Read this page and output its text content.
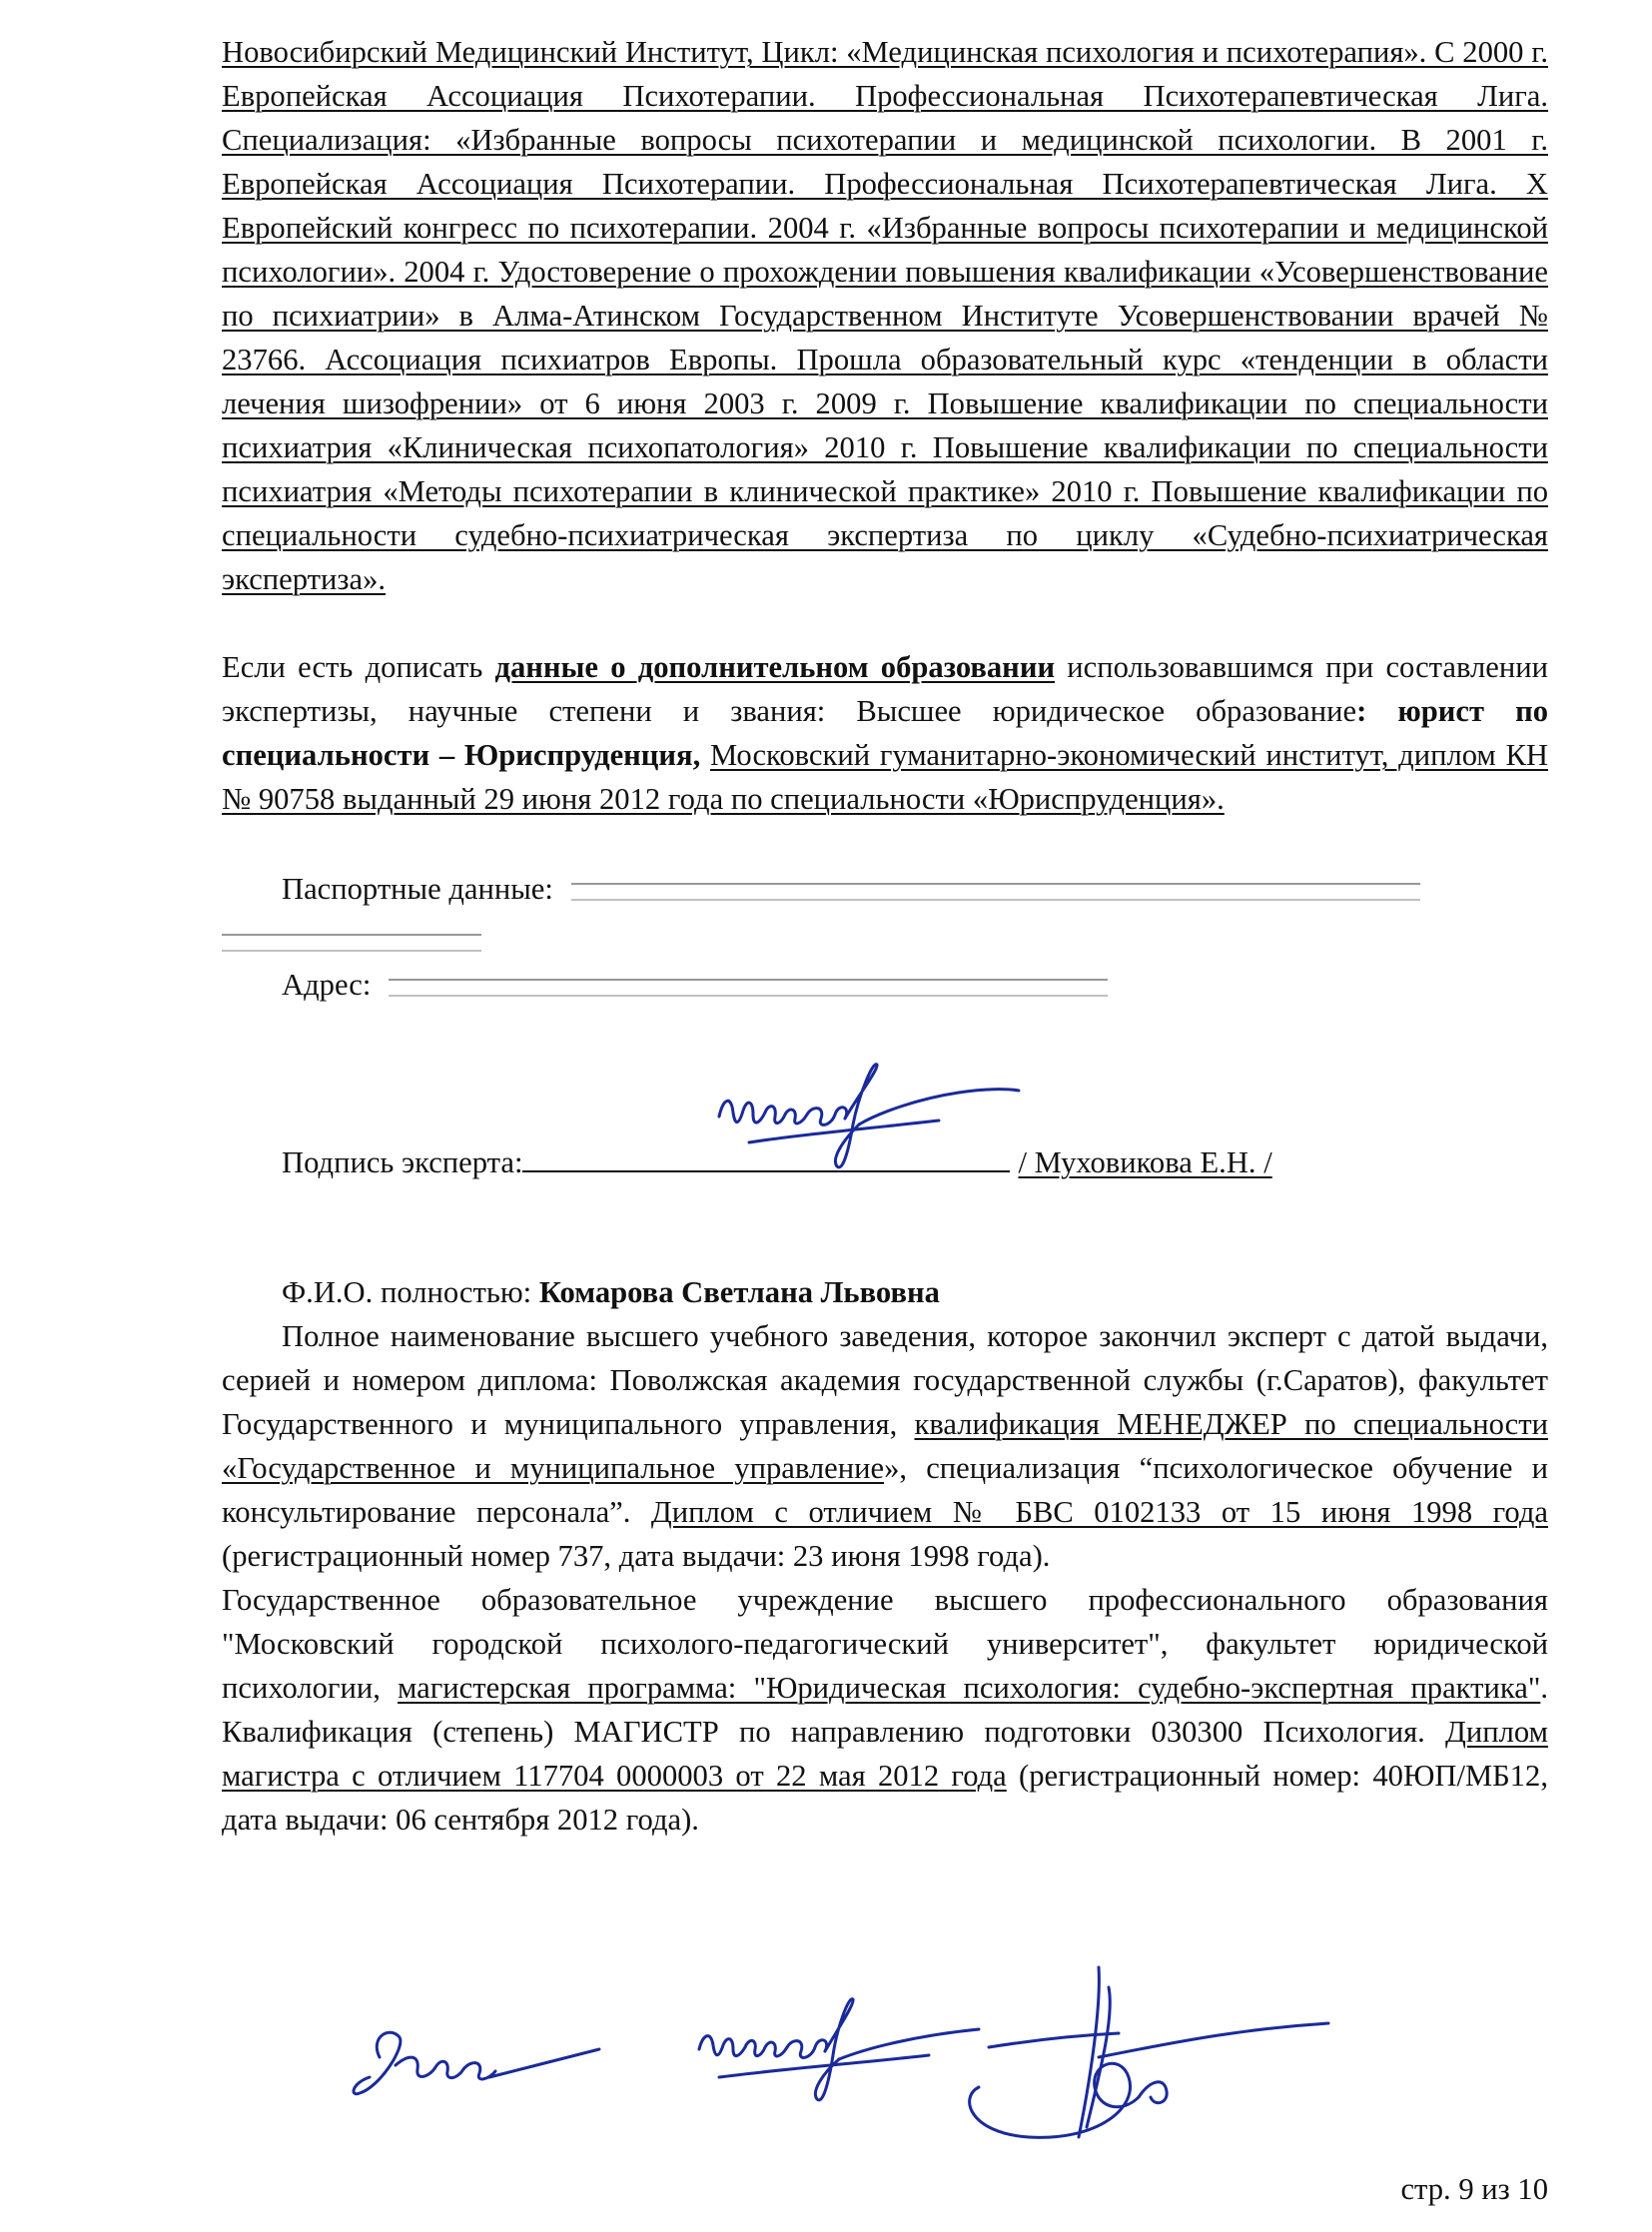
Новосибирский Медицинский Институт, Цикл: «Медицинская психология и психотерапия». С 2000 г. Европейская Ассоциация Психотерапии. Профессиональная Психотерапевтическая Лига. Специализация: «Избранные вопросы психотерапии и медицинской психологии. В 2001 г. Европейская Ассоциация Психотерапии. Профессиональная Психотерапевтическая Лига. X Европейский конгресс по психотерапии. 2004 г. «Избранные вопросы психотерапии и медицинской психологии». 2004 г. Удостоверение о прохождении повышения квалификации «Усовершенствование по психиатрии» в Алма-Атинском Государственном Институте Усовершенствовании врачей № 23766. Ассоциация психиатров Европы. Прошла образовательный курс «тенденции в области лечения шизофрении» от 6 июня 2003 г. 2009 г. Повышение квалификации по специальности психиатрия «Клиническая психопатология» 2010 г. Повышение квалификации по специальности психиатрия «Методы психотерапии в клинической практике» 2010 г. Повышение квалификации по специальности судебно-психиатрическая экспертиза по циклу «Судебно-психиатрическая экспертиза».

Если есть дописать данные о дополнительном образовании использовавшимся при составлении экспертизы, научные степени и звания: Высшее юридическое образование: юрист по специальности – Юриспруденция, Московский гуманитарно-экономический институт, диплом КН № 90758 выданный 29 июня 2012 года по специальности «Юриспруденция».

Паспортные данные:
Адрес:
Подпись эксперта:	/ Муховикова Е.Н. /

Ф.И.О. полностью: Комарова Светлана Львовна

Полное наименование высшего учебного заведения, которое закончил эксперт с датой выдачи, серией и номером диплома: Поволжская академия государственной службы (г.Саратов), факультет Государственного и муниципального управления, квалификация МЕНЕДЖЕР по специальности «Государственное и муниципальное управление», специализация “психологическое обучение и консультирование персонала”. Диплом с отличием № БВС 0102133 от 15 июня 1998 года (регистрационный номер 737, дата выдачи: 23 июня 1998 года).

Государственное образовательное учреждение высшего профессионального образования "Московский городской психолого-педагогический университет", факультет юридической психологии, магистерская программа: "Юридическая психология: судебно-экспертная практика". Квалификация (степень) МАГИСТР по направлению подготовки 030300 Психология. Диплом магистра с отличием 117704 0000003 от 22 мая 2012 года (регистрационный номер: 40ЮП/МБ12, дата выдачи: 06 сентября 2012 года).

стр. 9 из 10
